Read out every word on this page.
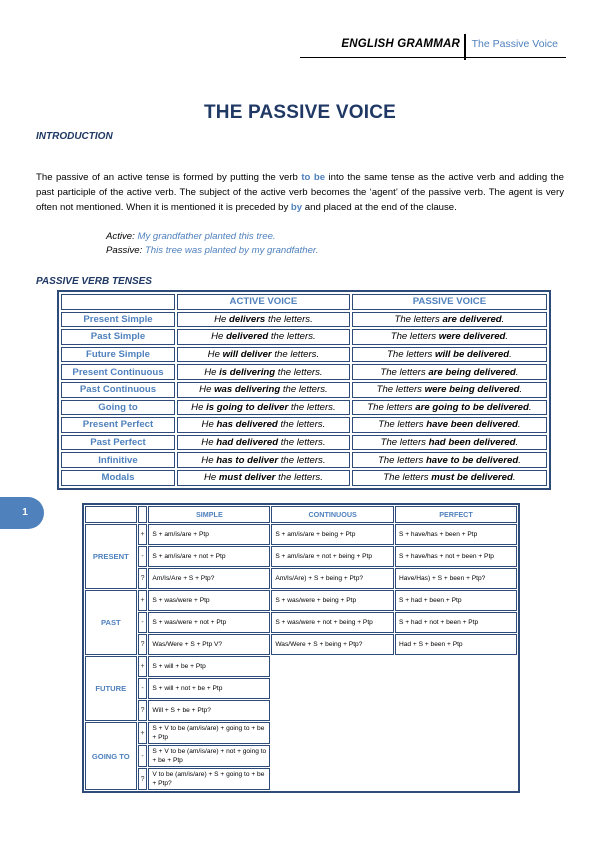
ENGLISH GRAMMAR The Passive Voice
THE PASSIVE VOICE
INTRODUCTION

The passive of an active tense is formed by putting the verb to be into the same tense as the active verb and adding the past participle of the active verb. The subject of the active verb becomes the ‘agent’ of the passive verb. The agent is very often not mentioned. When it is mentioned it is preceded by by and placed at the end of the clause.

Active: My grandfather planted this tree.
Passive: This tree was planted by my grandfather.
PASSIVE VERB TENSES
	ACTIVE VOICE	PASSIVE VOICE
Present Simple	He delivers the letters.	The letters are delivered.
Past Simple	He delivered the letters.	The letters were delivered.
Future Simple	He will deliver the letters.	The letters will be delivered.
Present Continuous	He is delivering the letters.	The letters are being delivered.
Past Continuous	He was delivering the letters.	The letters were being delivered.
Going to	He is going to deliver the letters.	The letters are going to be delivered.
Present Perfect	He has delivered the letters.	The letters have been delivered.
Past Perfect	He had delivered the letters.	The letters had been delivered.
Infinitive	He has to deliver the letters.	The letters have to be delivered.
Modals	He must deliver the letters.	The letters must be delivered.
1
			SIMPLE	CONTINUOUS	PERFECT
PRESENT	+	S + am/is/are + Ptp	S + am/is/are + being + Ptp	S + have/has + been + Ptp
	-	S + am/is/are + not + Ptp	S + am/is/are + not + being + Ptp	S + have/has + not + been + Ptp
	?	Am/Is/Are + S + Ptp?	Am/Is/Are) + S + being + Ptp?	Have/Has) + S + been + Ptp?
PAST	+	S + was/were + Ptp	S + was/were + being + Ptp	S + had + been + Ptp
	-	S + was/were + not + Ptp	S + was/were + not + being + Ptp	S + had + not + been + Ptp
	?	Was/Were + S + Ptp V?	Was/Were + S + being + Ptp?	Had + S + been + Ptp
FUTURE	+	S + will + be + Ptp		
	-	S + will + not + be + Ptp		
	?	Will + S + be + Ptp?		
GOING TO	+	S + V to be (am/is/are) + going to + be + Ptp		
	-	S + V to be (am/is/are) + not + going to + be + Ptp		
	?	V to be (am/is/are) + S + going to + be + Ptp?		
